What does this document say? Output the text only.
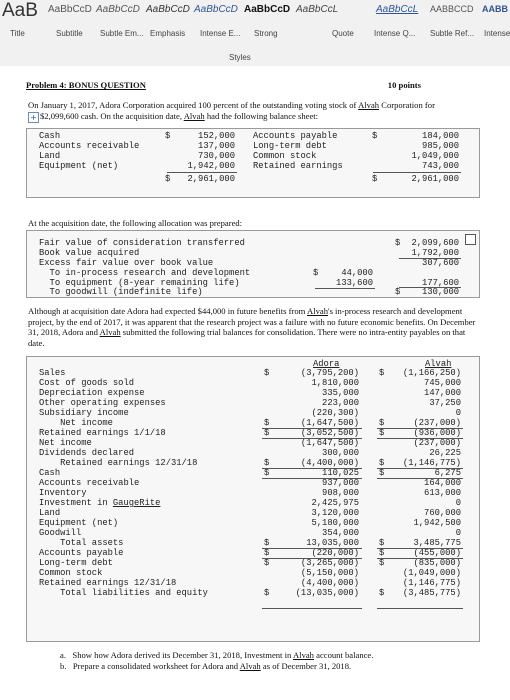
AaB
Title
AaBbCcD
Subtitle
AaBbCcD
Subtle Em...
AaBbCcD
Emphasis
AaBbCcD
Intense E...
AaBbCcD
Strong
AaBbCcL
Quote
AaBbCcL
Intense Q...
AABBCCD
Subtle Ref...
AABB
Intense
Styles
Problem 4: BONUS QUESTION	10 points
On January 1, 2017, Adora Corporation acquired 100 percent of the outstanding voting stock of Alvah Corporation for
+ $2,099,600 cash. On the acquisition date, Alvah had the following balance sheet:
Cash	$	152,000 Accounts payable	$	184,000
Accounts receivable	137,000 Long-term debt	985,000
Land	730,000 Common stock	1,049,000
Equipment (net)	1,942,000 Retained earnings	743,000
$	2,961,000	$	2,961,000
At the acquisition date, the following allocation was prepared:
Fair value of consideration transferred	$	2,099,600
Book value acquired	1,792,000
Excess fair value over book value	307,600
To in-process research and development	$	44,000
To equipment (8-year remaining life)	133,600	177,600
To goodwill (indefinite life)	$	130,000
Although at acquisition date Adora had expected $44,000 in future benefits from Alvah's in-process research and development project, by the end of 2017, it was apparent that the research project was a failure with no future economic benefits. On December 31, 2018, Adora and Alvah submitted the following trial balances for consolidation. There were no intra-entity payables on that date.
Adora	Alvah
Sales	$	(3,795,200) $	(1,166,250)
Cost of goods sold	1,810,000	745,000
Depreciation expense	335,000	147,000
Other operating expenses	223,000	37,250
Subsidiary income	(220,300)	0
Net income	$	(1,647,500) $	(237,000)
Retained earnings 1/1/18	$	(3,052,500) $	(936,000)
Net income	(1,647,500)	(237,000)
Dividends declared	300,000	26,225
Retained earnings 12/31/18	$	(4,400,000) $	(1,146,775)
Cash	$	110,025 $	6,275
Accounts receivable	937,000	164,000
Inventory	908,000	613,000
Investment in GaugeRite	2,425,975	0
Land	3,120,000	760,000
Equipment (net)	5,180,000	1,942,500
Goodwill	354,000	0
Total assets	$	13,035,000 $	3,485,775
Accounts payable	$	(220,000) $	(455,000)
Long-term debt	$	(3,265,000) $	(835,000)
Common stock	(5,150,000)	(1,049,000)
Retained earnings 12/31/18	(4,400,000)	(1,146,775)
Total liabilities and equity	$	(13,035,000) $	(3,485,775)
a. Show how Adora derived its December 31, 2018, Investment in Alvah account balance.
b. Prepare a consolidated worksheet for Adora and Alvah as of December 31, 2018.
